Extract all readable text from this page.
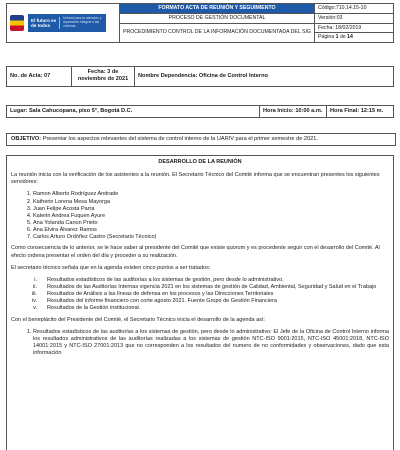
El futuro es de todos
Unidad para la atención y reparación integral a las víctimas	FORMATO ACTA DE REUNIÓN Y SEGUIMIENTO	Código:710.14.15-10
	PROCESO DE GESTIÓN DOCUMENTAL	Versión:03
	PROCEDIMIENTO CONTROL DE LA INFORMACIÓN DOCUMENTADA DEL SIG	Fecha: 18/02/2019
		Página 1 de 14
No. de Acta: 07	Fecha: 3 de noviembre de 2021	Nombre Dependencia: Oficina de Control Interno
Lugar: Sala Cahucopana, piso 5°, Bogotá D.C.	Hora Inicio: 10:00 a.m.	Hora Final: 12:15 m.
OBJETIVO: Presentar los aspectos relevantes del sistema de control interno de la UARIV para el primer semestre de 2021.
DESARROLLO DE LA REUNIÓN

La reunión inicia con la verificación de los asistentes a la reunión. El Secretario Técnico del Comité informa que se encuentran presentes los siguientes servidores:

1. Ramon Alberto Rodríguez Andrade
2. Katherin Lorena Mesa Mayorga
3. Juan Felipe Acosta Parra
4. Katerin Andrea Fuquen Ayure
5. Ana Yolanda Canon Prieto
6. Ana Elvira Álvarez Ramos
7. Carlos Arturo Ordóñez Castro (Secretario Técnico)

Como consecuencia de lo anterior, se le hace saber al presidente del Comité que existe quorum y es procedente seguir con el desarrollo del Comité. Al efecto ordena presentar el orden del día y proceder a su realización.

El secretario técnico señala que en la agenda existen cinco puntos a ser tratados:

i.	Resultados estadísticos de las auditorías a los sistemas de gestión, pero desde lo administrativo.
ii.	Resultados de las Auditorías Internas vigencia 2021 en los sistemas de gestión de Calidad, Ambiental, Seguridad y Salud en el Trabajo
iii.	Resultados de Análisis a las líneas de defensa en los procesos y las Direcciones Territoriales
iv.	Resultados del informe financiero con corte agosto 2021. Fuente Grupo de Gestión Financiera
v.	Resultados de la Gestión institucional.

Con el beneplácito del Presidente del Comité, el Secretario Técnico inicia el desarrollo de la agenda así:

1. Resultados estadísticos de las auditorías a los sistemas de gestión, pero desde lo administrativo: El Jefe de la Oficina de Control Interno informa los resultados administrativos de las auditorías realizadas a los sistemas de gestión NTC-ISO 9001:2015, NTC-ISO 45001:2018, NTC-ISO 14001:2015 y NTC-ISO 27001:2013 que no corresponden a los resultados del numero de no conformidades y observaciones, dado que esta información
